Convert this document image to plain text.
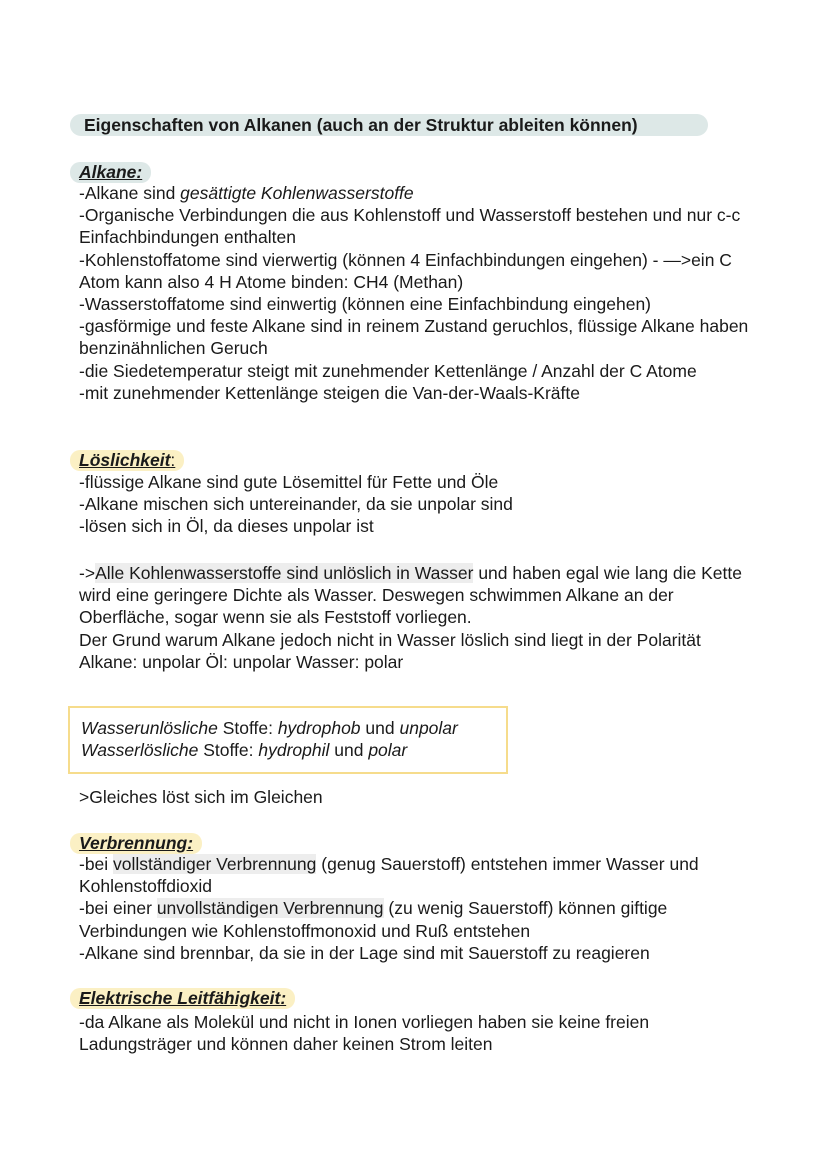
Eigenschaften von Alkanen (auch an der Struktur ableiten können)
Alkane:

-Alkane sind gesättigte Kohlenwasserstoffe

-Organische Verbindungen die aus Kohlenstoff und Wasserstoff bestehen und nur c-c Einfachbindungen enthalten

-Kohlenstoffatome sind vierwertig (können 4 Einfachbindungen eingehen) - —>ein C Atom kann also 4 H Atome binden: CH4 (Methan)

-Wasserstoffatome sind einwertig (können eine Einfachbindung eingehen)

-gasförmige und feste Alkane sind in reinem Zustand geruchlos, flüssige Alkane haben benzinähnlichen Geruch

-die Siedetemperatur steigt mit zunehmender Kettenlänge / Anzahl der C Atome

-mit zunehmender Kettenlänge steigen die Van-der-Waals-Kräfte

Löslichkeit:

-flüssige Alkane sind gute Lösemittel für Fette und Öle

-Alkane mischen sich untereinander, da sie unpolar sind

-lösen sich in Öl, da dieses unpolar ist

->Alle Kohlenwasserstoffe sind unlöslich in Wasser und haben egal wie lang die Kette wird eine geringere Dichte als Wasser. Deswegen schwimmen Alkane an der Oberfläche, sogar wenn sie als Feststoff vorliegen.

Der Grund warum Alkane jedoch nicht in Wasser löslich sind liegt in der Polarität

Alkane: unpolar Öl: unpolar Wasser: polar

Wasserunlösliche Stoffe: hydrophob und unpolar

Wasserlösliche Stoffe: hydrophil und polar

>Gleiches löst sich im Gleichen
Verbrennung:

-bei vollständiger Verbrennung (genug Sauerstoff) entstehen immer Wasser und Kohlenstoffdioxid

-bei einer unvollständigen Verbrennung (zu wenig Sauerstoff) können giftige Verbindungen wie Kohlenstoffmonoxid und Ruß entstehen

-Alkane sind brennbar, da sie in der Lage sind mit Sauerstoff zu reagieren

Elektrische Leitfähigkeit:

-da Alkane als Molekül und nicht in Ionen vorliegen haben sie keine freien Ladungsträger und können daher keinen Strom leiten
